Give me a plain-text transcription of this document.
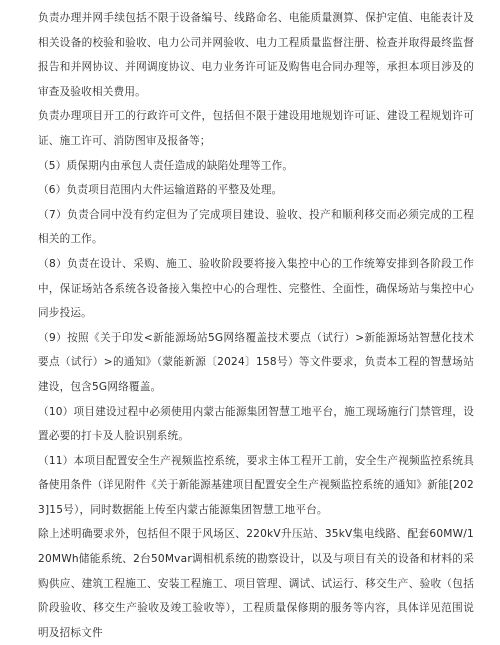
负责办理并网手续包括不限于设备编号、线路命名、电能质量测算、保护定值、电能表计及相关设备的校验和验收、电力公司并网验收、电力工程质量监督注册、检查并取得最终监督报告和并网协议、并网调度协议、电力业务许可证及购售电合同办理等，承担本项目涉及的审查及验收相关费用。

负责办理项目开工的行政许可文件，包括但不限于建设用地规划许可证、建设工程规划许可证、施工许可、消防图审及报备等；

（5）质保期内由承包人责任造成的缺陷处理等工作。

（6）负责项目范围内大件运输道路的平整及处理。

（7）负责合同中没有约定但为了完成项目建设、验收、投产和顺利移交而必须完成的工程相关的工作。

（8）负责在设计、采购、施工、验收阶段要将接入集控中心的工作统筹安排到各阶段工作中，保证场站各系统各设备接入集控中心的合理性、完整性、全面性，确保场站与集控中心同步投运。

（9）按照《关于印发<新能源场站5G网络覆盖技术要点（试行）>新能源场站智慧化技术要点（试行）>的通知》（蒙能新源〔2024〕158号）等文件要求，负责本工程的智慧场站建设，包含5G网络覆盖。

（10）项目建设过程中必须使用内蒙古能源集团智慧工地平台，施工现场施行门禁管理，设置必要的打卡及人脸识别系统。

（11）本项目配置安全生产视频监控系统，要求主体工程开工前，安全生产视频监控系统具备使用条件（详见附件《关于新能源基建项目配置安全生产视频监控系统的通知》新能[2023]15号），同时数据能上传至内蒙古能源集团智慧工地平台。

除上述明确要求外，包括但不限于风场区、220kV升压站、35kV集电线路、配套60MW/120MWh储能系统、2台50Mvar调相机系统的勘察设计，以及与项目有关的设备和材料的采购供应、建筑工程施工、安装工程施工、项目管理、调试、试运行、移交生产、验收（包括阶段验收、移交生产验收及竣工验收等），工程质量保修期的服务等内容，具体详见范围说明及招标文件
